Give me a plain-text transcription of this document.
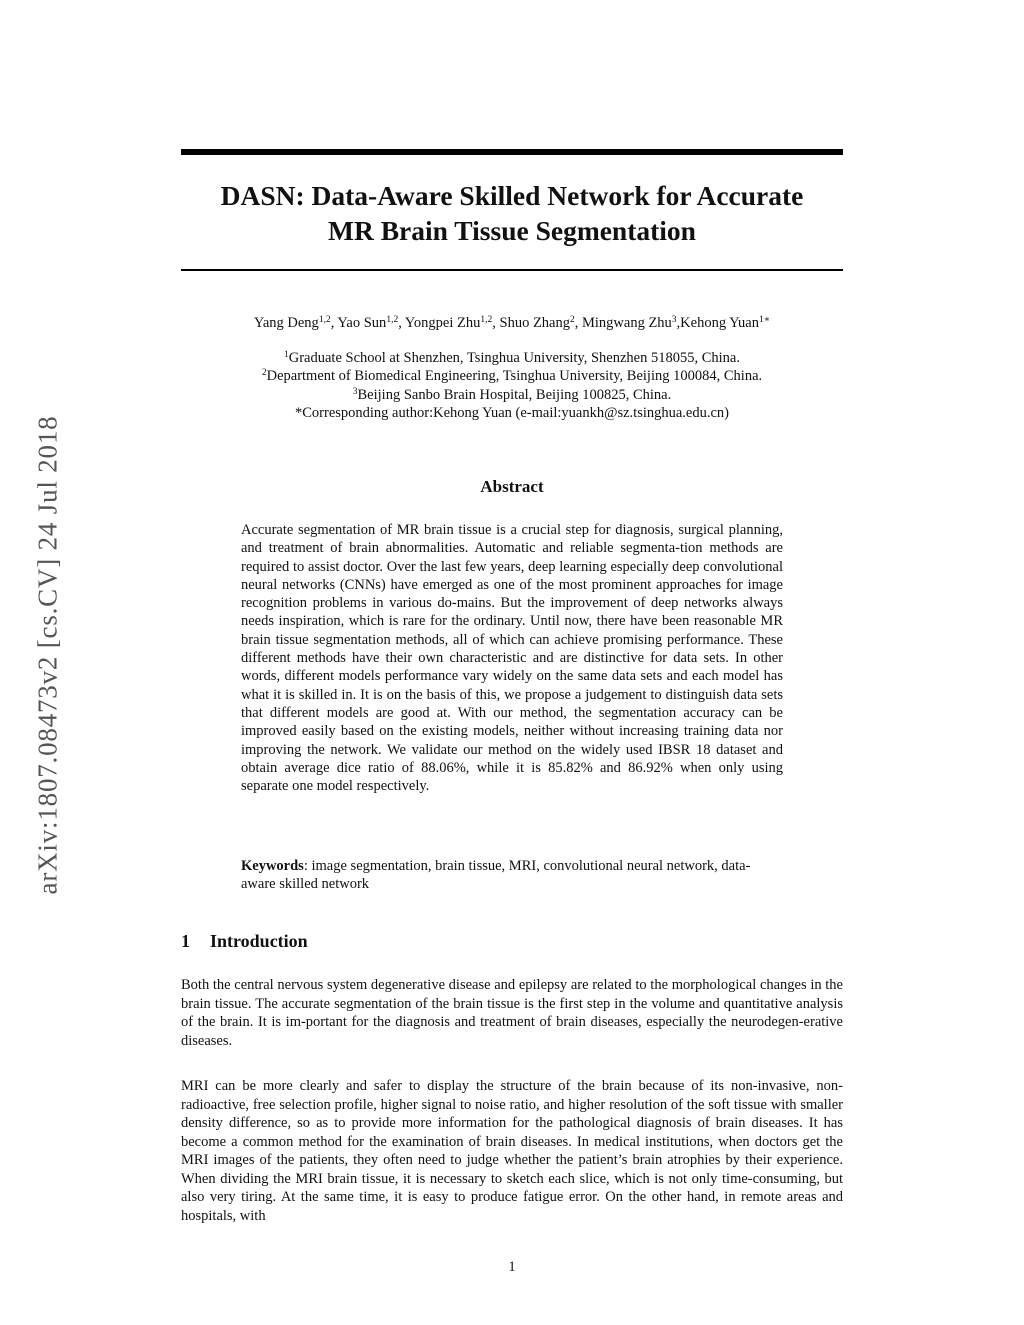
arXiv:1807.08473v2 [cs.CV] 24 Jul 2018
DASN: Data-Aware Skilled Network for Accurate
MR Brain Tissue Segmentation
Yang Deng$^{1,2}$, Yao Sun$^{1,2}$, Yongpei Zhu$^{1,2}$, Shuo Zhang$^2$, Mingwang Zhu$^3$,Kehong Yuan$^{1∗}$
$^1$Graduate School at Shenzhen, Tsinghua University, Shenzhen 518055, China.
$^2$Department of Biomedical Engineering, Tsinghua University, Beijing 100084, China.
$^3$Beijing Sanbo Brain Hospital, Beijing 100825, China.
*Corresponding author:Kehong Yuan (e-mail:yuankh@sz.tsinghua.edu.cn)
Abstract

Accurate segmentation of MR brain tissue is a crucial step for diagnosis, surgical planning, and treatment of brain abnormalities. Automatic and reliable segmenta-tion methods are required to assist doctor. Over the last few years, deep learning especially deep convolutional neural networks (CNNs) have emerged as one of the most prominent approaches for image recognition problems in various do-mains. But the improvement of deep networks always needs inspiration, which is rare for the ordinary. Until now, there have been reasonable MR brain tissue segmentation methods, all of which can achieve promising performance. These different methods have their own characteristic and are distinctive for data sets. In other words, different models performance vary widely on the same data sets and each model has what it is skilled in. It is on the basis of this, we propose a judgement to distinguish data sets that different models are good at. With our method, the segmentation accuracy can be improved easily based on the existing models, neither without increasing training data nor improving the network. We validate our method on the widely used IBSR 18 dataset and obtain average dice ratio of 88.06%, while it is 85.82% and 86.92% when only using separate one model respectively.

Keywords: image segmentation, brain tissue, MRI, convolutional neural network, data-aware skilled network

1 Introduction

Both the central nervous system degenerative disease and epilepsy are related to the morphological changes in the brain tissue. The accurate segmentation of the brain tissue is the first step in the volume and quantitative analysis of the brain. It is im-portant for the diagnosis and treatment of brain diseases, especially the neurodegen-erative diseases.

MRI can be more clearly and safer to display the structure of the brain because of its non-invasive, non-radioactive, free selection profile, higher signal to noise ratio, and higher resolution of the soft tissue with smaller density difference, so as to provide more information for the pathological diagnosis of brain diseases. It has become a common method for the examination of brain diseases. In medical institutions, when doctors get the MRI images of the patients, they often need to judge whether the patient’s brain atrophies by their experience. When dividing the MRI brain tissue, it is necessary to sketch each slice, which is not only time-consuming, but also very tiring. At the same time, it is easy to produce fatigue error. On the other hand, in remote areas and hospitals, with

1
